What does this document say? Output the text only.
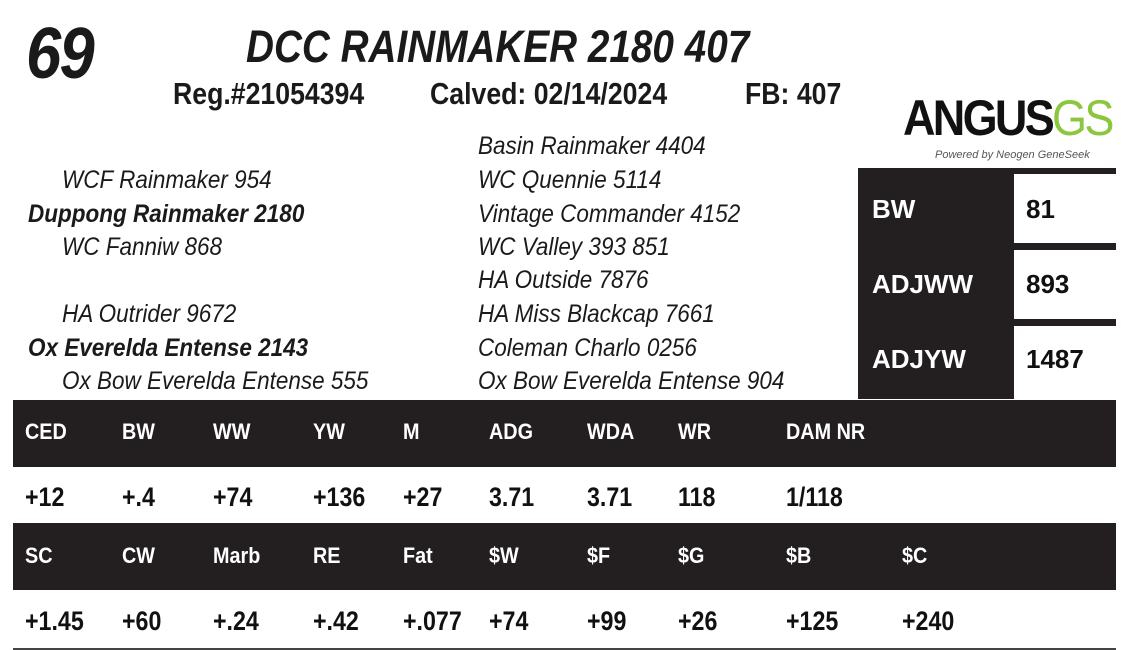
69	DCC RAINMAKER 2180 407
Reg.#21054394 Calved: 02/14/2024	FB: 407 ANGUSGS
Powered by Neogen GeneSeek
WCF Rainmaker 954
Duppong Rainmaker 2180
WC Fanniw 868
HA Outrider 9672
Ox Everelda Entense 2143
Ox Bow Everelda Entense 555
Basin Rainmaker 4404
WC Quennie 5114
Vintage Commander 4152
WC Valley 393 851
HA Outside 7876
HA Miss Blackcap 7661
Coleman Charlo 0256
Ox Bow Everelda Entense 904
BW	81
ADJWW 893
ADJYW 1487
CED	BW	WW	YW	M	ADG WDA WR	DAM NR
+12 +.4 +74 +136 +27 3.71 3.71 118	1/118
SC	CW	Marb RE	Fat	$W	$F	$G	$B	$C
+1.45 +60 +.24 +.42 +.077 +74 +99 +26	+125 +240
